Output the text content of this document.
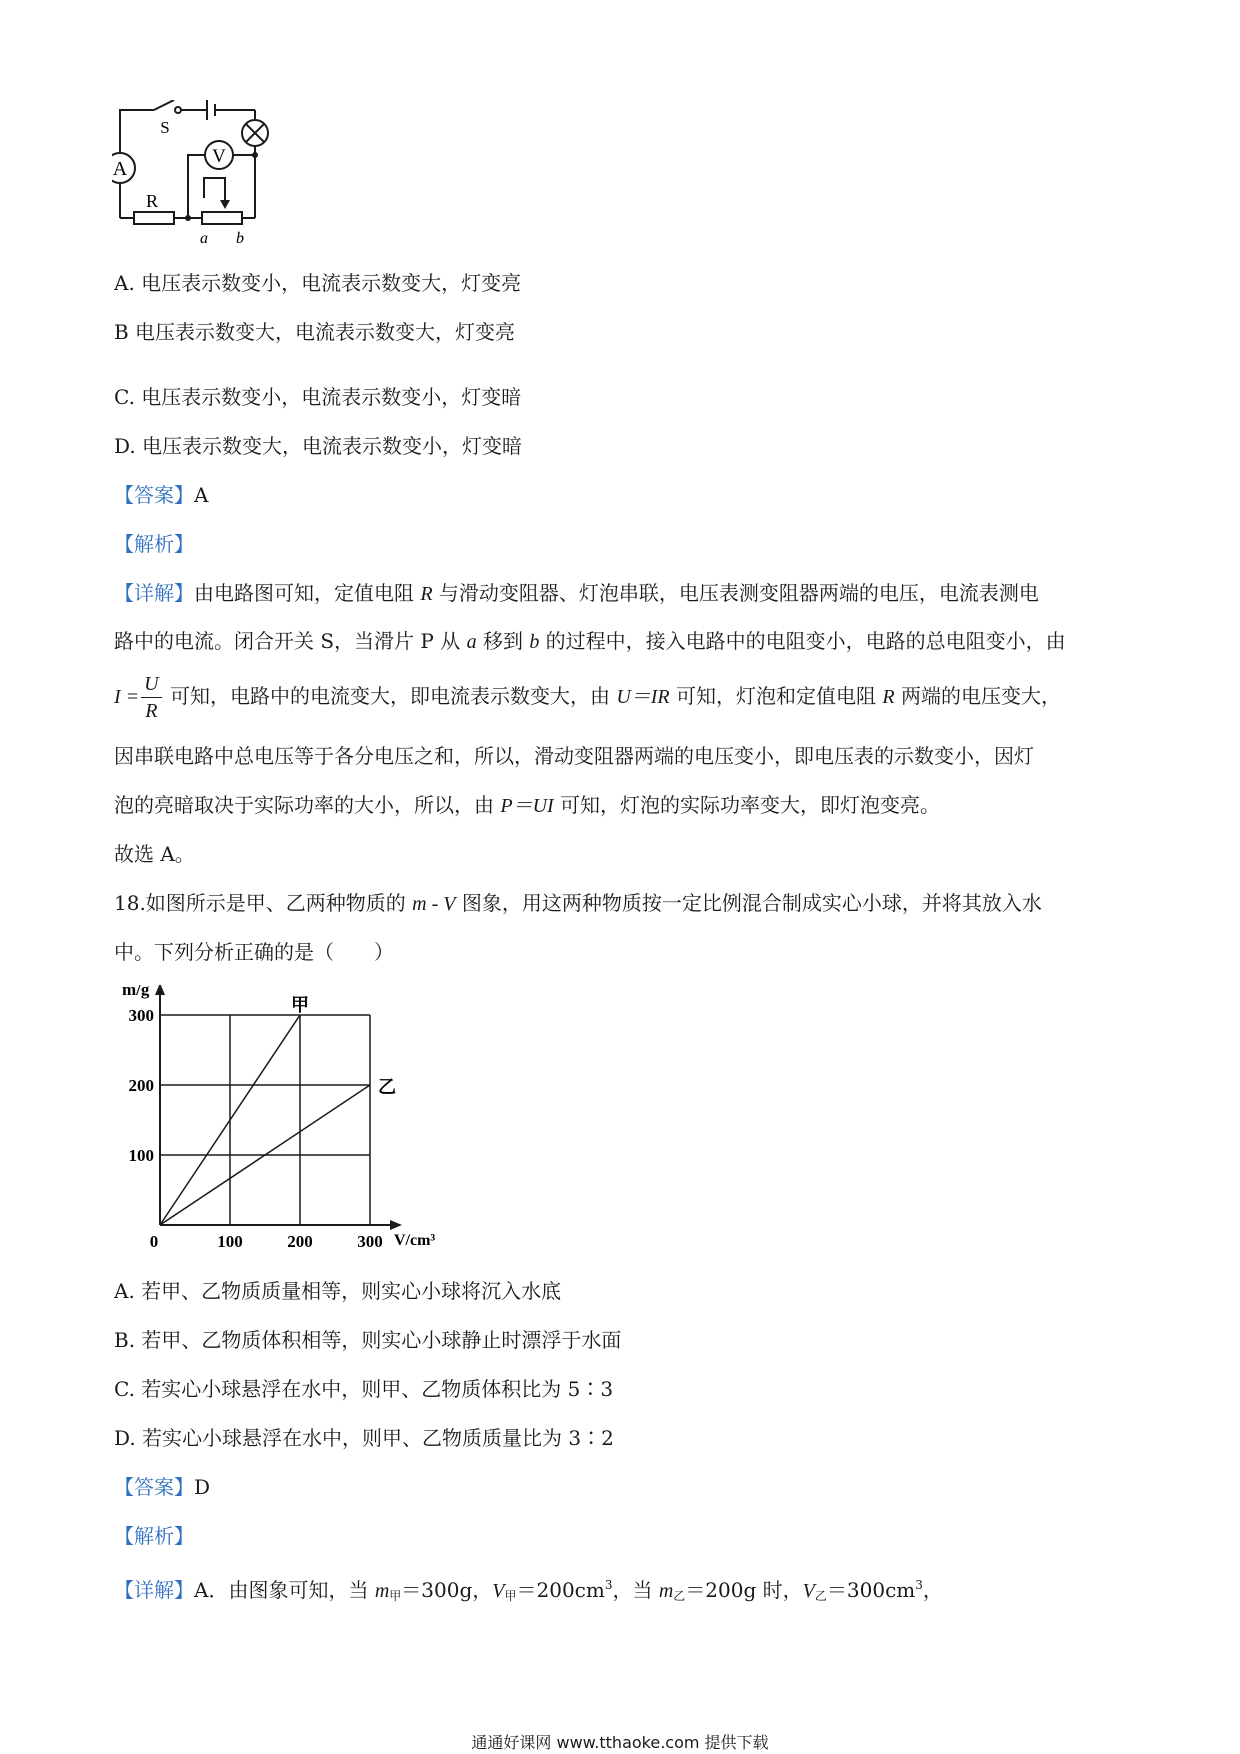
A
V
S
R
a b
A. 电压表示数变小，电流表示数变大，灯变亮
B 电压表示数变大，电流表示数变大，灯变亮
C. 电压表示数变小，电流表示数变小，灯变暗
D. 电压表示数变大，电流表示数变小，灯变暗
【答案】A
【解析】
【详解】由电路图可知，定值电阻 R 与滑动变阻器、灯泡串联，电压表测变阻器两端的电压，电流表测电
路中的电流。闭合开关 S，当滑片 P 从 a 移到 b 的过程中，接入电路中的电阻变小，电路的总电阻变小，由
$I = \frac{U}{R}$ 可知，电路中的电流变大，即电流表示数变大，由 U＝IR 可知，灯泡和定值电阻 R 两端的电压变大，
因串联电路中总电压等于各分电压之和，所以，滑动变阻器两端的电压变小，即电压表的示数变小，因灯
泡的亮暗取决于实际功率的大小，所以，由 P＝UI 可知，灯泡的实际功率变大，即灯泡变亮。
故选 A。
18.如图所示是甲、乙两种物质的 m - V 图象，用这两种物质按一定比例混合制成实心小球，并将其放入水
中。下列分析正确的是（　　）
m/g
V/cm³
0	100	200	300
100
200
300
甲
乙
A. 若甲、乙物质质量相等，则实心小球将沉入水底
B. 若甲、乙物质体积相等，则实心小球静止时漂浮于水面
C. 若实心小球悬浮在水中，则甲、乙物质体积比为 5∶3
D. 若实心小球悬浮在水中，则甲、乙物质质量比为 3∶2
【答案】D
【解析】
【详解】A．由图象可知，当 $m_甲=300g$，$V_甲=200cm^3$，当 $m_乙=200g$ 时，$V_乙=300cm^3$，
通通好课网 www.tthaoke.com 提供下载
